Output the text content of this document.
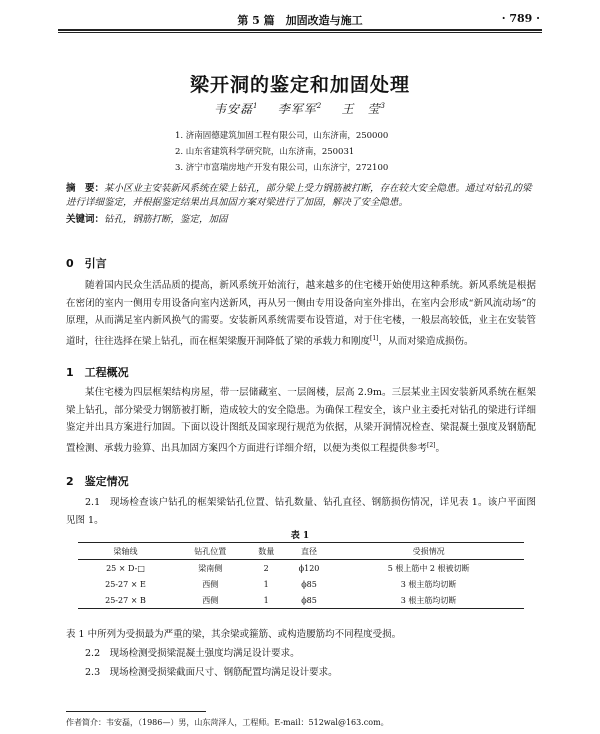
第 5 篇　加固改造与施工	· 789 ·
梁开洞的鉴定和加固处理
韦安磊$^1$ 李军军$^2$ 王　莹$^3$
1. 济南固德建筑加固工程有限公司，山东济南，250000
2. 山东省建筑科学研究院，山东济南，250031
3. 济宁市富瑞房地产开发有限公司，山东济宁，272100
摘　要：某小区业主安装新风系统在梁上钻孔，部分梁上受力钢筋被打断，存在较大安全隐患。通过对钻孔的梁进行详细鉴定，并根据鉴定结果出具加固方案对梁进行了加固，解决了安全隐患。
关键词：钻孔，钢筋打断，鉴定，加固
0　引言
随着国内民众生活品质的提高，新风系统开始流行，越来越多的住宅楼开始使用这种系统。新风系统是根据在密闭的室内一侧用专用设备向室内送新风，再从另一侧由专用设备向室外排出，在室内会形成“新风流动场”的原理，从而满足室内新风换气的需要。安装新风系统需要布设管道，对于住宅楼，一般层高较低，业主在安装管道时，往往选择在梁上钻孔，而在框架梁腹开洞降低了梁的承载力和刚度[1]，从而对梁造成损伤。
1　工程概况
某住宅楼为四层框架结构房屋，带一层储藏室、一层阁楼，层高 2.9m。三层某业主因安装新风系统在框架梁上钻孔，部分梁受力钢筋被打断，造成较大的安全隐患。为确保工程安全，该户业主委托对钻孔的梁进行详细鉴定并出具方案进行加固。下面以设计图纸及国家现行规范为依据，从梁开洞情况检查、梁混凝土强度及钢筋配置检测、承载力验算、出具加固方案四个方面进行详细介绍，以便为类似工程提供参考[2]。
2　鉴定情况
2.1　现场检查该户钻孔的框架梁钻孔位置、钻孔数量、钻孔直径、钢筋损伤情况，详见表 1。该户平面图见图 1。
表 1
梁轴线	钻孔位置	数量	直径	受损情况
25 × D-□	梁南侧	2	ϕ120	5 根上筋中 2 根被切断
25-27 × E	西侧	1	ϕ85	3 根主筋均切断
25-27 × B	西侧	1	ϕ85	3 根主筋均切断
表 1 中所列为受损最为严重的梁，其余梁或箍筋、或构造腰筋均不同程度受损。
2.2　现场检测受损梁混凝土强度均满足设计要求。
2.3　现场检测受损梁截面尺寸、钢筋配置均满足设计要求。
作者简介：韦安磊，（1986—）男，山东菏泽人，工程师。E-mail：512wal@163.com。
